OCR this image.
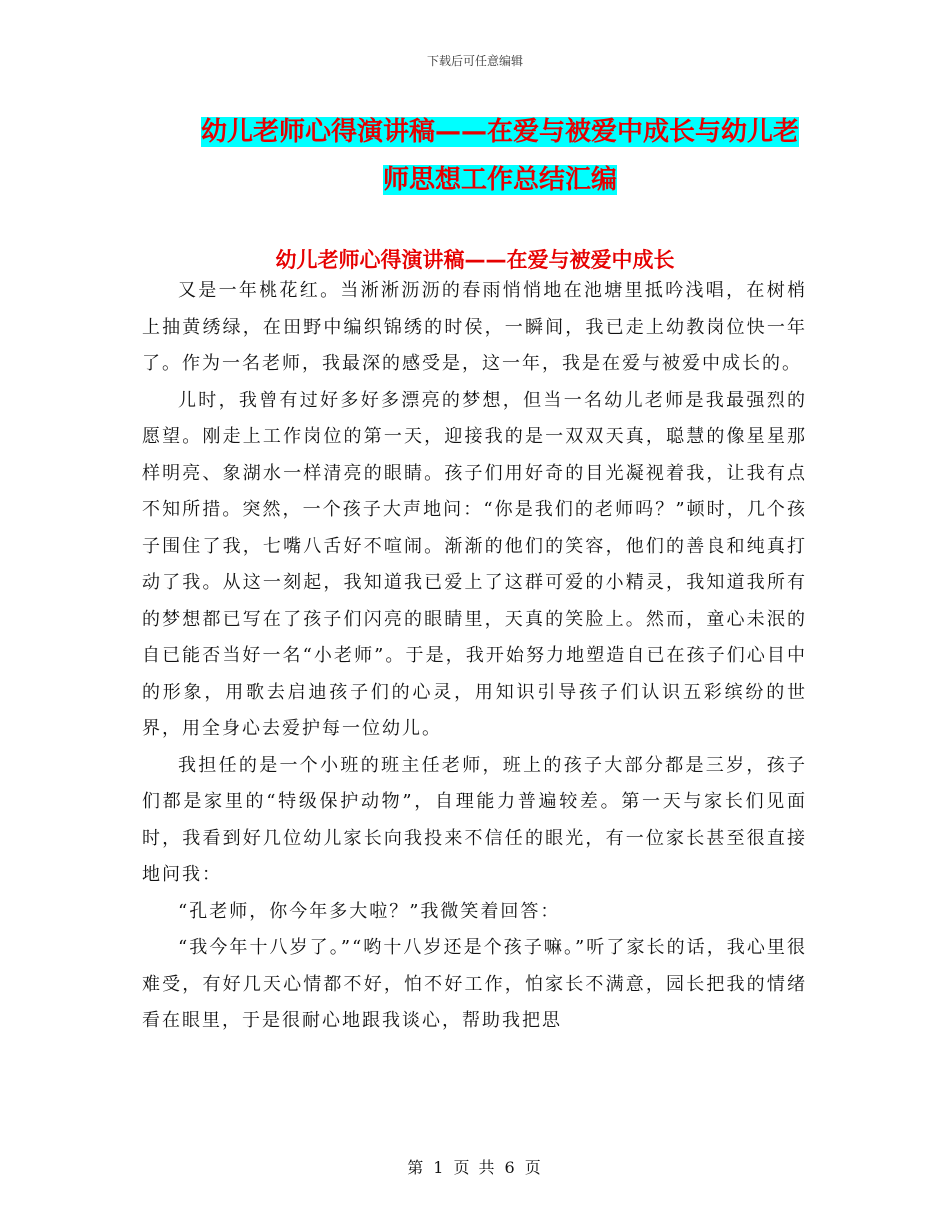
下载后可任意编辑
幼儿老师心得演讲稿——在爱与被爱中成长与幼儿老
师思想工作总结汇编
幼儿老师心得演讲稿——在爱与被爱中成长

又是一年桃花红。当淅淅沥沥的春雨悄悄地在池塘里抵吟浅唱，在树梢上抽黄绣绿，在田野中编织锦绣的时侯，一瞬间，我已走上幼教岗位快一年了。作为一名老师，我最深的感受是，这一年，我是在爱与被爱中成长的。

儿时，我曾有过好多好多漂亮的梦想，但当一名幼儿老师是我最强烈的愿望。刚走上工作岗位的第一天，迎接我的是一双双天真，聪慧的像星星那样明亮、象湖水一样清亮的眼睛。孩子们用好奇的目光凝视着我，让我有点不知所措。突然，一个孩子大声地问：“你是我们的老师吗？”顿时，几个孩子围住了我，七嘴八舌好不喧闹。渐渐的他们的笑容，他们的善良和纯真打动了我。从这一刻起，我知道我已爱上了这群可爱的小精灵，我知道我所有的梦想都已写在了孩子们闪亮的眼睛里，天真的笑脸上。然而，童心未泯的自已能否当好一名“小老师”。于是，我开始努力地塑造自已在孩子们心目中的形象，用歌去启迪孩子们的心灵，用知识引导孩子们认识五彩缤纷的世界，用全身心去爱护每一位幼儿。

我担任的是一个小班的班主任老师，班上的孩子大部分都是三岁，孩子们都是家里的“特级保护动物”，自理能力普遍较差。第一天与家长们见面时，我看到好几位幼儿家长向我投来不信任的眼光，有一位家长甚至很直接地问我：

“孔老师，你今年多大啦？”我微笑着回答：

“我今年十八岁了。”“哟十八岁还是个孩子嘛。”听了家长的话，我心里很难受，有好几天心情都不好，怕不好工作，怕家长不满意，园长把我的情绪看在眼里，于是很耐心地跟我谈心，帮助我把思

第 1 页 共 6 页
